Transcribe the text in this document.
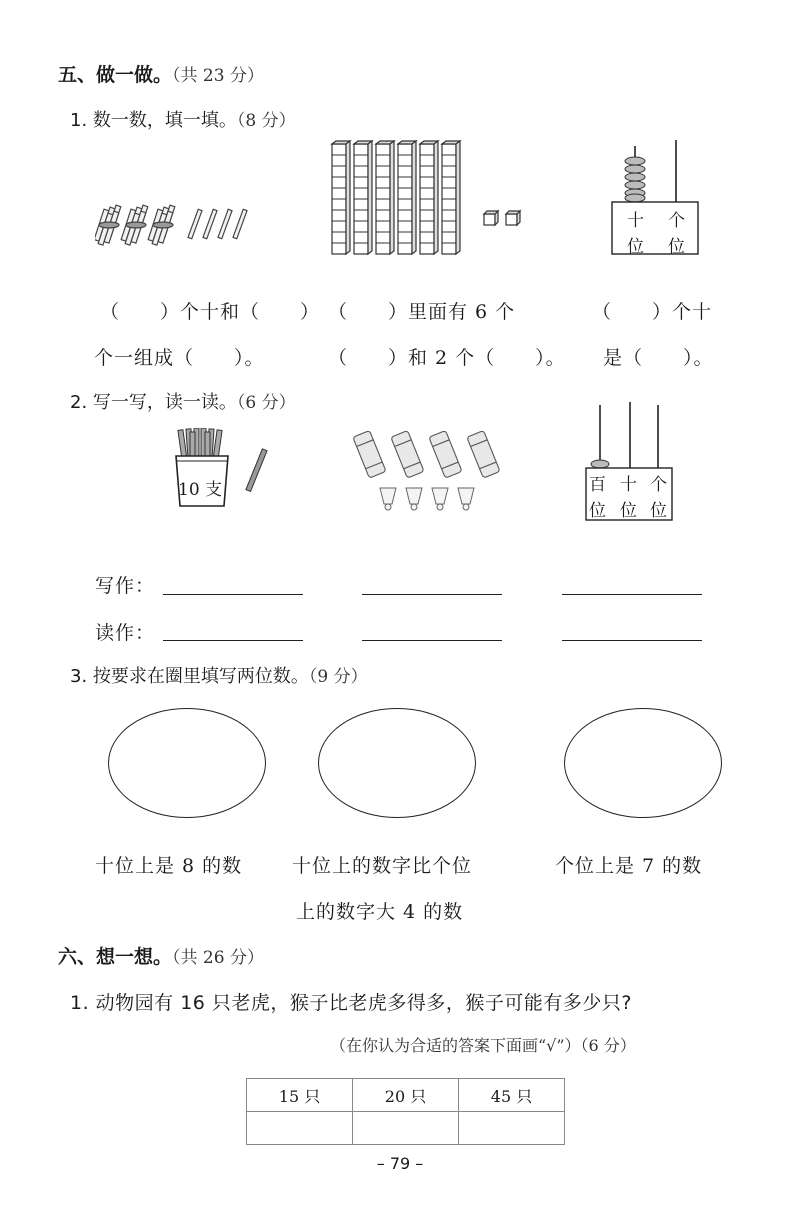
五、做一做。（共 23 分）
1. 数一数，填一填。（8 分）
十 个
位 位
（　　）个十和（　　）
个一组成（　　）。
（　　）里面有 6 个
（　　）和 2 个（　　）。
（　　）个十
是（　　）。
2. 写一写，读一读。（6 分）
10 支	百 十 个
位 位 位
写作：
读作：
3. 按要求在圈里填写两位数。（9 分）
十位上是 8 的数	十位上的数字比个位
上的数字大 4 的数
个位上是 7 的数
六、想一想。（共 26 分）
1. 动物园有 16 只老虎，猴子比老虎多得多，猴子可能有多少只?
（在你认为合适的答案下面画“√”）（6 分）
15 只	20 只	45 只

– 79 –
